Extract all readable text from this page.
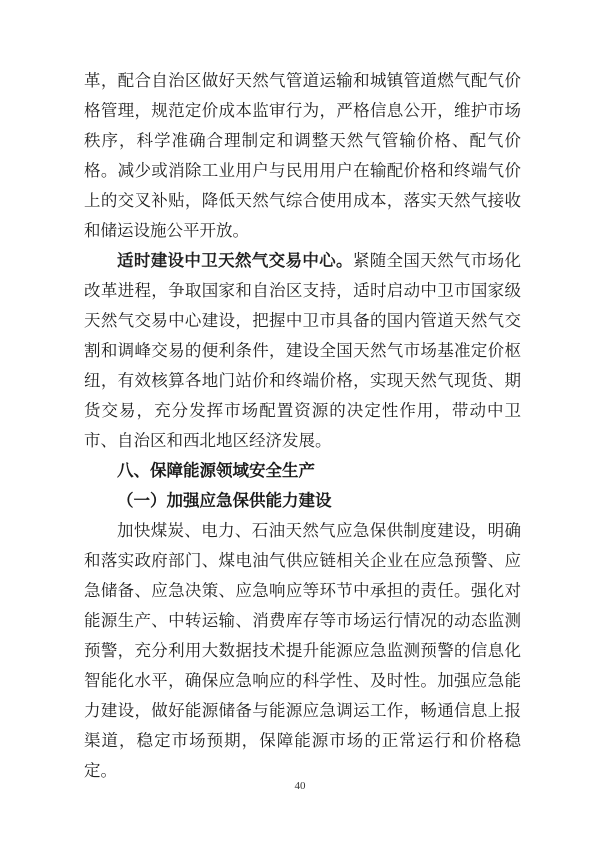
革，配合自治区做好天然气管道运输和城镇管道燃气配气价格管理，规范定价成本监审行为，严格信息公开，维护市场秩序，科学准确合理制定和调整天然气管输价格、配气价格。减少或消除工业用户与民用用户在输配价格和终端气价上的交叉补贴，降低天然气综合使用成本，落实天然气接收和储运设施公平开放。

适时建设中卫天然气交易中心。紧随全国天然气市场化改革进程，争取国家和自治区支持，适时启动中卫市国家级天然气交易中心建设，把握中卫市具备的国内管道天然气交割和调峰交易的便利条件，建设全国天然气市场基准定价枢纽，有效核算各地门站价和终端价格，实现天然气现货、期货交易，充分发挥市场配置资源的决定性作用，带动中卫市、自治区和西北地区经济发展。

八、保障能源领域安全生产
（一）加强应急保供能力建设

加快煤炭、电力、石油天然气应急保供制度建设，明确和落实政府部门、煤电油气供应链相关企业在应急预警、应急储备、应急决策、应急响应等环节中承担的责任。强化对能源生产、中转运输、消费库存等市场运行情况的动态监测预警，充分利用大数据技术提升能源应急监测预警的信息化智能化水平，确保应急响应的科学性、及时性。加强应急能力建设，做好能源储备与能源应急调运工作，畅通信息上报渠道，稳定市场预期，保障能源市场的正常运行和价格稳定。

40
